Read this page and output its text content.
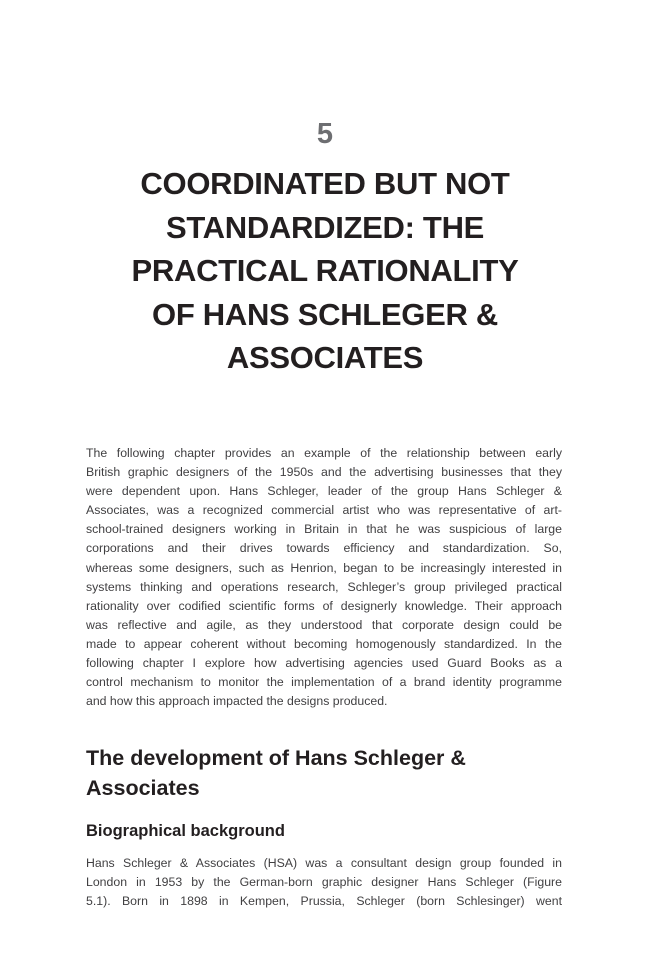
5
COORDINATED BUT NOT
STANDARDIZED: THE
PRACTICAL RATIONALITY
OF HANS SCHLEGER &
ASSOCIATES
The following chapter provides an example of the relationship between early
British graphic designers of the 1950s and the advertising businesses that they
were dependent upon. Hans Schleger, leader of the group Hans Schleger &
Associates, was a recognized commercial artist who was representative of art-
school-trained designers working in Britain in that he was suspicious of large
corporations and their drives towards efficiency and standardization. So,
whereas some designers, such as Henrion, began to be increasingly interested in
systems thinking and operations research, Schleger’s group privileged practical
rationality over codified scientific forms of designerly knowledge. Their approach
was reflective and agile, as they understood that corporate design could be
made to appear coherent without becoming homogenously standardized. In the
following chapter I explore how advertising agencies used Guard Books as a
control mechanism to monitor the implementation of a brand identity programme
and how this approach impacted the designs produced.
The development of Hans Schleger &
Associates
Biographical background
Hans Schleger & Associates (HSA) was a consultant design group founded in
London in 1953 by the German-born graphic designer Hans Schleger (Figure
5.1). Born in 1898 in Kempen, Prussia, Schleger (born Schlesinger) went
